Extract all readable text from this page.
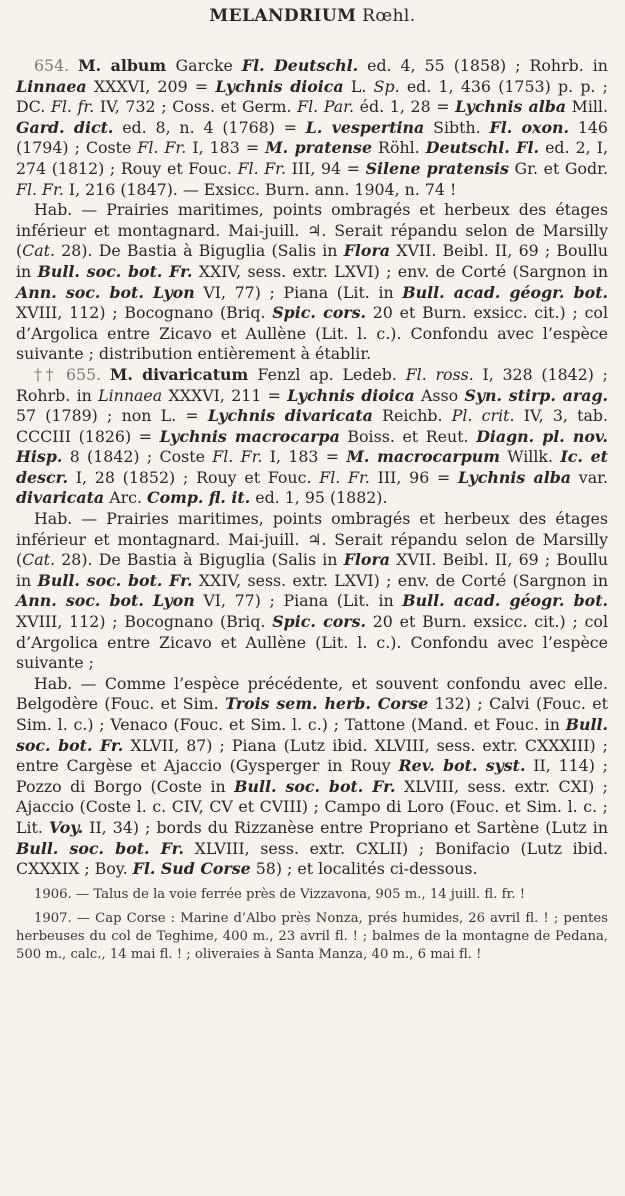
MELANDRIUM Rœhl.

654. M. album Garcke Fl. Deutschl. ed. 4, 55 (1858) ; Rohrb. in Linnaea XXXVI, 209 = Lychnis dioica L. Sp. ed. 1, 436 (1753) p. p. ; DC. Fl. fr. IV, 732 ; Coss. et Germ. Fl. Par. éd. 1, 28 = Lychnis alba Mill. Gard. dict. ed. 8, n. 4 (1768) = L. vespertina Sibth. Fl. oxon. 146 (1794) ; Coste Fl. Fr. I, 183 = M. pratense Röhl. Deutschl. Fl. ed. 2, I, 274 (1812) ; Rouy et Fouc. Fl. Fr. III, 94 = Silene pratensis Gr. et Godr. Fl. Fr. I, 216 (1847). — Exsicc. Burn. ann. 1904, n. 74 !

Hab. — Prairies maritimes, points ombragés et herbeux des étages inférieur et montagnard. Mai-juill. ♃. Serait répandu selon de Marsilly (Cat. 28). De Bastia à Biguglia (Salis in Flora XVII. Beibl. II, 69 ; Boullu in Bull. soc. bot. Fr. XXIV, sess. extr. LXVI) ; env. de Corté (Sargnon in Ann. soc. bot. Lyon VI, 77) ; Piana (Lit. in Bull. acad. géogr. bot. XVIII, 112) ; Bocognano (Briq. Spic. cors. 20 et Burn. exsicc. cit.) ; col d’Argolica entre Zicavo et Aullène (Lit. l. c.). Confondu avec l’espèce suivante ; distribution entièrement à établir.

†† 655. M. divaricatum Fenzl ap. Ledeb. Fl. ross. I, 328 (1842) ; Rohrb. in Linnaea XXXVI, 211 = Lychnis dioica Asso Syn. stirp. arag. 57 (1789) ; non L. = Lychnis divaricata Reichb. Pl. crit. IV, 3, tab. CCCIII (1826) = Lychnis macrocarpa Boiss. et Reut. Diagn. pl. nov. Hisp. 8 (1842) ; Coste Fl. Fr. I, 183 = M. macrocarpum Willk. Ic. et descr. I, 28 (1852) ; Rouy et Fouc. Fl. Fr. III, 96 = Lychnis alba var. divaricata Arc. Comp. fl. it. ed. 1, 95 (1882).

Hab. — Prairies maritimes, points ombragés et herbeux des étages inférieur et montagnard. Mai-juill. ♃. Serait répandu selon de Marsilly (Cat. 28). De Bastia à Biguglia (Salis in Flora XVII. Beibl. II, 69 ; Boullu in Bull. soc. bot. Fr. XXIV, sess. extr. LXVI) ; env. de Corté (Sargnon in Ann. soc. bot. Lyon VI, 77) ; Piana (Lit. in Bull. acad. géogr. bot. XVIII, 112) ; Bocognano (Briq. Spic. cors. 20 et Burn. exsicc. cit.) ; col d’Argolica entre Zicavo et Aullène (Lit. l. c.). Confondu avec l’espèce suivante ;

Hab. — Comme l’espèce précédente, et souvent confondu avec elle. Belgodère (Fouc. et Sim. Trois sem. herb. Corse 132) ; Calvi (Fouc. et Sim. l. c.) ; Venaco (Fouc. et Sim. l. c.) ; Tattone (Mand. et Fouc. in Bull. soc. bot. Fr. XLVII, 87) ; Piana (Lutz ibid. XLVIII, sess. extr. CXXXIII) ; entre Cargèse et Ajaccio (Gysperger in Rouy Rev. bot. syst. II, 114) ; Pozzo di Borgo (Coste in Bull. soc. bot. Fr. XLVIII, sess. extr. CXI) ; Ajaccio (Coste l. c. CIV, CV et CVIII) ; Campo di Loro (Fouc. et Sim. l. c. ; Lit. Voy. II, 34) ; bords du Rizzanèse entre Propriano et Sartène (Lutz in Bull. soc. bot. Fr. XLVIII, sess. extr. CXLII) ; Bonifacio (Lutz ibid. CXXXIX ; Boy. Fl. Sud Corse 58) ; et localités ci-dessous.

1906. — Talus de la voie ferrée près de Vizzavona, 905 m., 14 juill. fl. fr. !

1907. — Cap Corse : Marine d’Albo près Nonza, prés humides, 26 avril fl. ! ; pentes herbeuses du col de Teghime, 400 m., 23 avril fl. ! ; balmes de la montagne de Pedana, 500 m., calc., 14 mai fl. ! ; oliveraies à Santa Manza, 40 m., 6 mai fl. !
